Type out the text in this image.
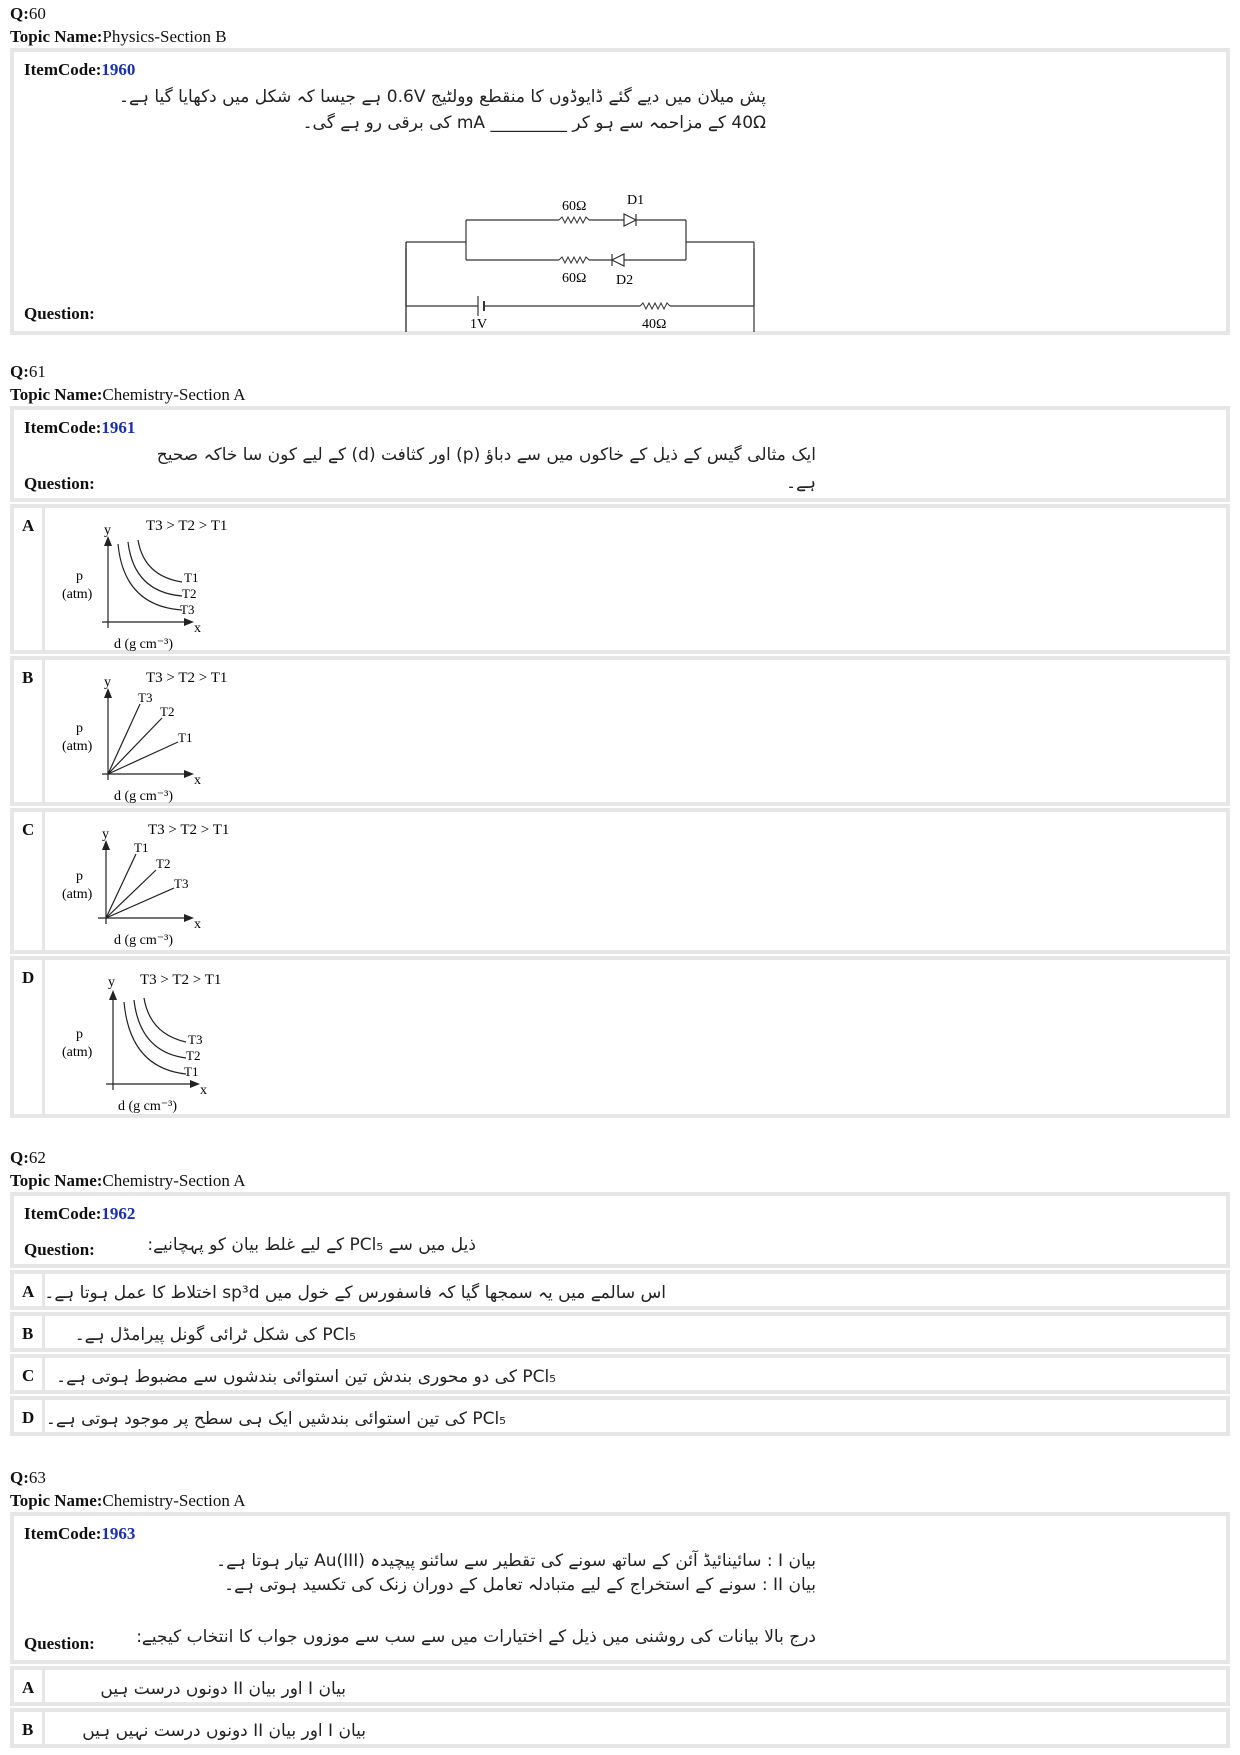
Q:60
Topic Name:Physics-Section B
ItemCode:1960
پش میلان میں دیے گئے ڈایوڈوں کا منقطع وولٹیج 0.6V ہے جیسا کہ شکل میں دکھایا گیا ہے۔
40Ω کے مزاحمہ سے ہو کر _________ mA کی برقی رو ہے گی۔
60Ω	D1
60Ω D2
1V	40Ω
Question:
Q:61
Topic Name:Chemistry-Section A
ItemCode:1961
ایک مثالی گیس کے ذیل کے خاکوں میں سے دباؤ (p) اور کثافت (d) کے لیے کون سا خاکہ صحیح
Question:	ہے۔
A	T3 > T2 > T1
y
x
T1
T2
T3
p
(atm)
d (g cm⁻³)
B	T3 > T2 > T1
y
x
T3
T2
T1
p
(atm)
d (g cm⁻³)
C	T3 > T2 > T1
y
x
T1
T2
T3
p
(atm)
d (g cm⁻³)
D	T3 > T2 > T1
y
x
T3
T2
T1
p
(atm)
d (g cm⁻³)
Q:62
Topic Name:Chemistry-Section A
ItemCode:1962
Question:	ذیل میں سے PCl₅ کے لیے غلط بیان کو پہچانیے:
A اس سالمے میں یہ سمجھا گیا کہ فاسفورس کے خول میں sp³d اختلاط کا عمل ہوتا ہے۔
B PCl₅ کی شکل ٹرائی گونل پیرامڈل ہے۔
C PCl₅ کی دو محوری بندش تین استوائی بندشوں سے مضبوط ہوتی ہے۔
D PCl₅ کی تین استوائی بندشیں ایک ہی سطح پر موجود ہوتی ہے۔
Q:63
Topic Name:Chemistry-Section A
ItemCode:1963
بیان I : سائینائیڈ آئن کے ساتھ سونے کی تقطیر سے سائنو پیچیدہ Au(III) تیار ہوتا ہے۔
بیان II : سونے کے استخراج کے لیے متبادلہ تعامل کے دوران زنک کی تکسید ہوتی ہے۔
Question: درج بالا بیانات کی روشنی میں ذیل کے اختیارات میں سے سب سے موزوں جواب کا انتخاب کیجیے:
A	بیان I اور بیان II دونوں درست ہیں
B	بیان I اور بیان II دونوں درست نہیں ہیں
